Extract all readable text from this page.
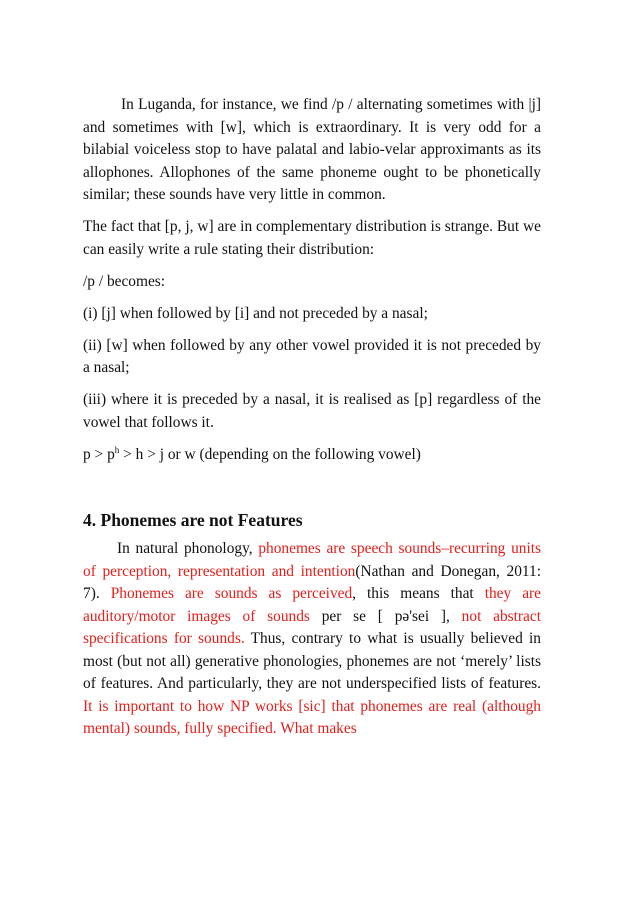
In Luganda, for instance, we find /p / alternating sometimes with |j] and sometimes with [w], which is extraordinary. It is very odd for a bilabial voiceless stop to have palatal and labio-velar approximants as its allophones. Allophones of the same phoneme ought to be phonetically similar; these sounds have very little in common.

The fact that [p, j, w] are in complementary distribution is strange. But we can easily write a rule stating their distribution:

/p / becomes:

(i) [j] when followed by [i] and not preceded by a nasal;

(ii) [w] when followed by any other vowel provided it is not preceded by a nasal;

(iii) where it is preceded by a nasal, it is realised as [p] regardless of the vowel that follows it.

$p > p^h > h > j$ or w (depending on the following vowel)

4. Phonemes are not Features

In natural phonology, phonemes are speech sounds–recurring units of perception, representation and intention(Nathan and Donegan, 2011: 7). Phonemes are sounds as perceived, this means that they are auditory/motor images of sounds per se [ pə'sei ], not abstract specifications for sounds. Thus, contrary to what is usually believed in most (but not all) generative phonologies, phonemes are not ‘merely’ lists of features. And particularly, they are not underspecified lists of features. It is important to how NP works [sic] that phonemes are real (although mental) sounds, fully specified. What makes
